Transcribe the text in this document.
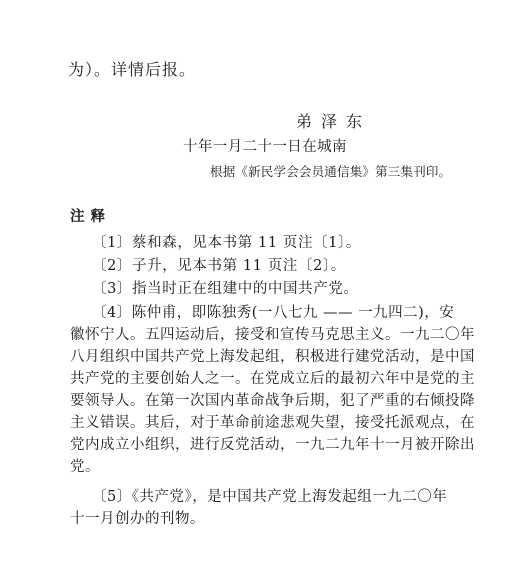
为）。详情后报。
弟泽东
十年一月二十一日在城南
根据《新民学会会员通信集》第三集刊印。
注释
〔1〕蔡和森，见本书第 11 页注〔1〕。
〔2〕子升，见本书第 11 页注〔2〕。
〔3〕指当时正在组建中的中国共产党。
〔4〕陈仲甫，即陈独秀(一八七九 —— 一九四二)，安
徽怀宁人。五四运动后，接受和宣传马克思主义。一九二〇年
八月组织中国共产党上海发起组，积极进行建党活动，是中国
共产党的主要创始人之一。在党成立后的最初六年中是党的主
要领导人。在第一次国内革命战争后期，犯了严重的右倾投降
主义错误。其后，对于革命前途悲观失望，接受托派观点，在
党内成立小组织，进行反党活动，一九二九年十一月被开除出
党。
〔5〕《共产党》，是中国共产党上海发起组一九二〇年
十一月创办的刊物。
